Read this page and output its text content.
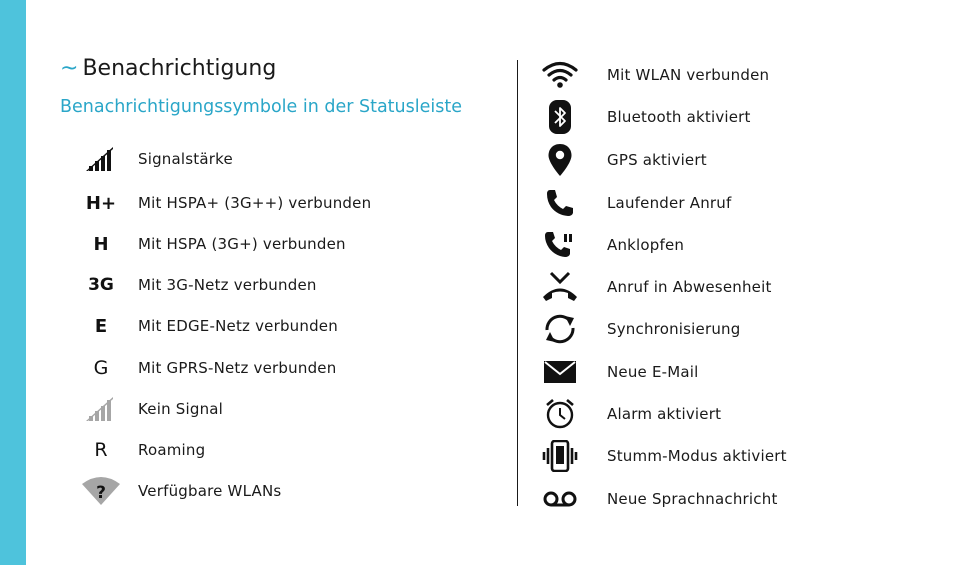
~ Benachrichtigung
Benachrichtigungssymbole in der Statusleiste
Signalstärke
H+ Mit HSPA+ (3G++) verbunden
H Mit HSPA (3G+) verbunden
3G Mit 3G-Netz verbunden
E Mit EDGE-Netz verbunden
G Mit GPRS-Netz verbunden
Kein Signal
R Roaming
? Verfügbare WLANs
Mit WLAN verbunden
Bluetooth aktiviert
GPS aktiviert
Laufender Anruf
Anklopfen
Anruf in Abwesenheit
Synchronisierung
Neue E-Mail
Alarm aktiviert
Stumm-Modus aktiviert
Neue Sprachnachricht
